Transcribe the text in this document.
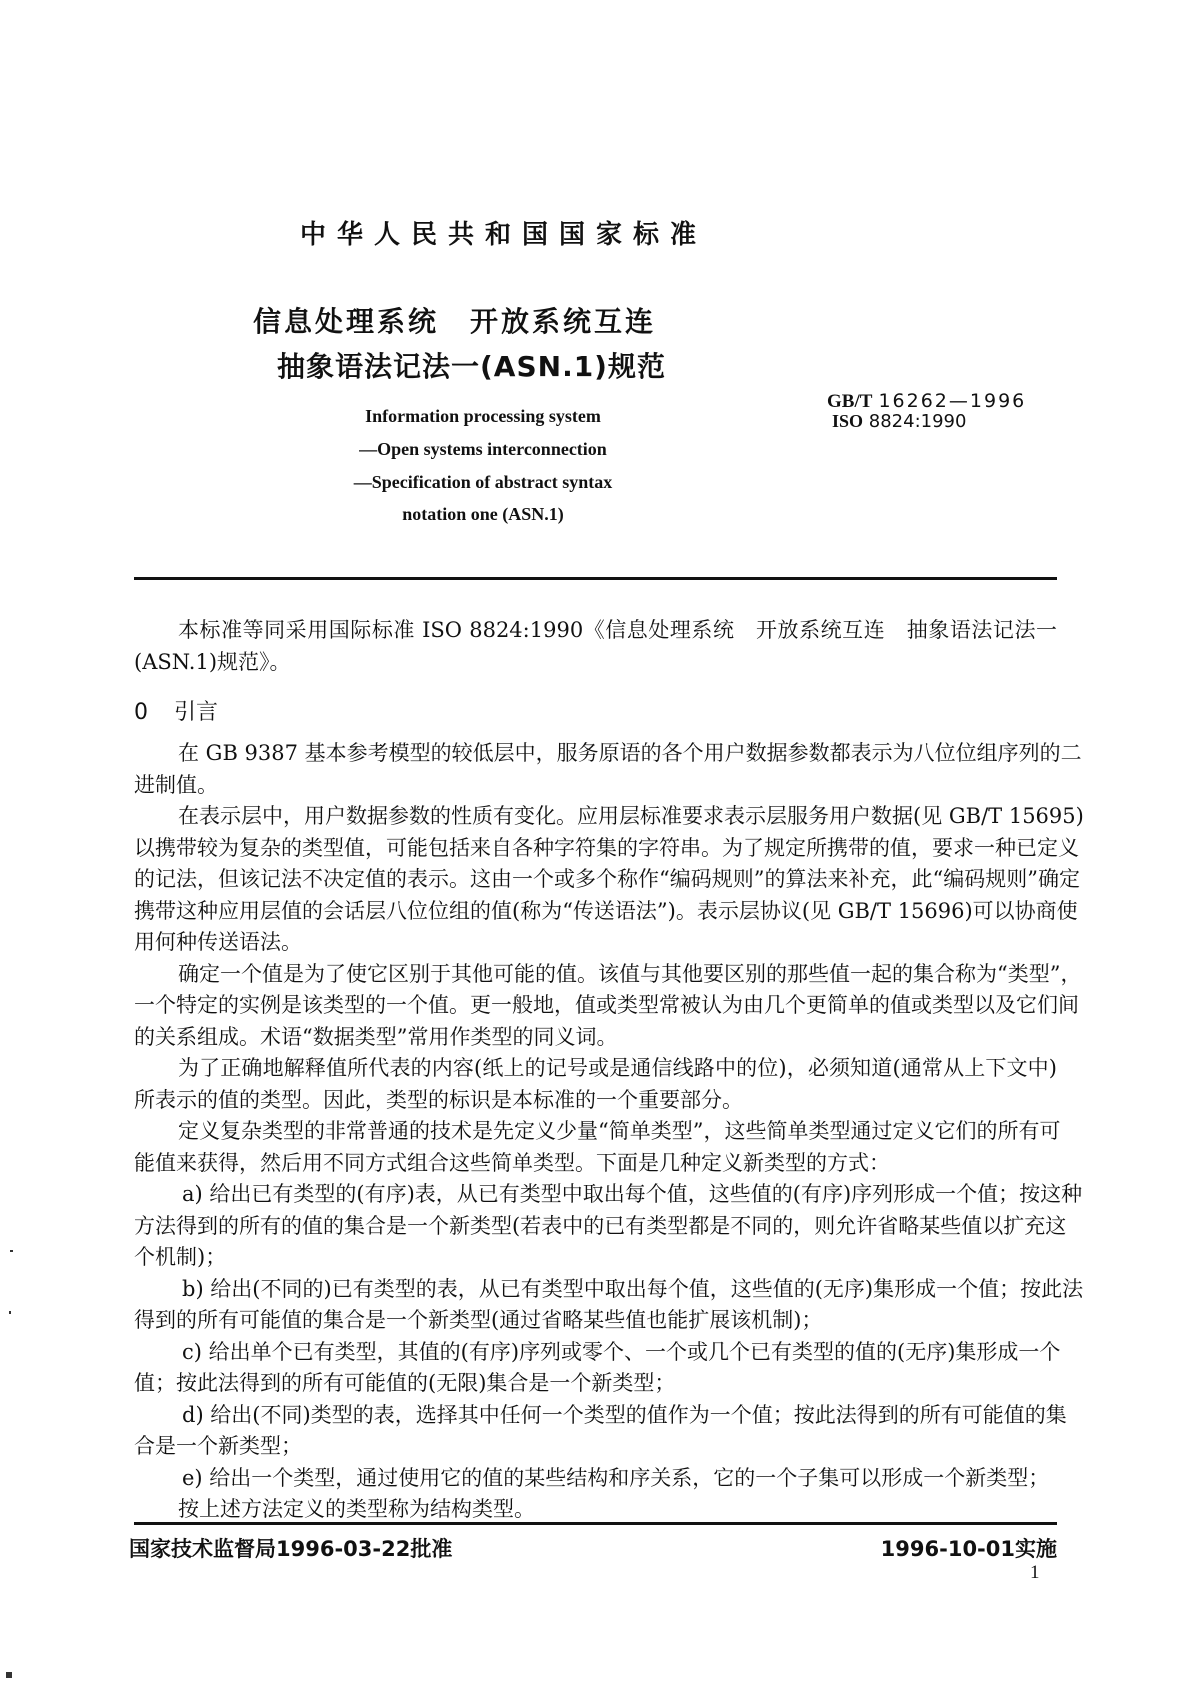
中华人民共和国国家标准
信息处理系统　开放系统互连
抽象语法记法一(ASN.1)规范
Information processing system
—Open systems interconnection
—Specification of abstract syntax
notation one (ASN.1)
GB/T 16262—1996
ISO 8824:1990
本标准等同采用国际标准 ISO 8824:1990《信息处理系统　开放系统互连　抽象语法记法一
(ASN.1)规范》。
0 引言
在 GB 9387 基本参考模型的较低层中，服务原语的各个用户数据参数都表示为八位位组序列的二
进制值。
在表示层中，用户数据参数的性质有变化。应用层标准要求表示层服务用户数据(见 GB/T 15695)
以携带较为复杂的类型值，可能包括来自各种字符集的字符串。为了规定所携带的值，要求一种已定义
的记法，但该记法不决定值的表示。这由一个或多个称作“编码规则”的算法来补充，此“编码规则”确定
携带这种应用层值的会话层八位位组的值(称为“传送语法”)。表示层协议(见 GB/T 15696)可以协商使
用何种传送语法。
确定一个值是为了使它区别于其他可能的值。该值与其他要区别的那些值一起的集合称为“类型”，
一个特定的实例是该类型的一个值。更一般地，值或类型常被认为由几个更简单的值或类型以及它们间
的关系组成。术语“数据类型”常用作类型的同义词。
为了正确地解释值所代表的内容(纸上的记号或是通信线路中的位)，必须知道(通常从上下文中)
所表示的值的类型。因此，类型的标识是本标准的一个重要部分。
定义复杂类型的非常普通的技术是先定义少量“简单类型”，这些简单类型通过定义它们的所有可
能值来获得，然后用不同方式组合这些简单类型。下面是几种定义新类型的方式：
a) 给出已有类型的(有序)表，从已有类型中取出每个值，这些值的(有序)序列形成一个值；按这种
方法得到的所有的值的集合是一个新类型(若表中的已有类型都是不同的，则允许省略某些值以扩充这
个机制)；
b) 给出(不同的)已有类型的表，从已有类型中取出每个值，这些值的(无序)集形成一个值；按此法
得到的所有可能值的集合是一个新类型(通过省略某些值也能扩展该机制)；
c) 给出单个已有类型，其值的(有序)序列或零个、一个或几个已有类型的值的(无序)集形成一个
值；按此法得到的所有可能值的(无限)集合是一个新类型；
d) 给出(不同)类型的表，选择其中任何一个类型的值作为一个值；按此法得到的所有可能值的集
合是一个新类型；
e) 给出一个类型，通过使用它的值的某些结构和序关系，它的一个子集可以形成一个新类型；
按上述方法定义的类型称为结构类型。
国家技术监督局1996-03-22批准	1996-10-01实施
1
